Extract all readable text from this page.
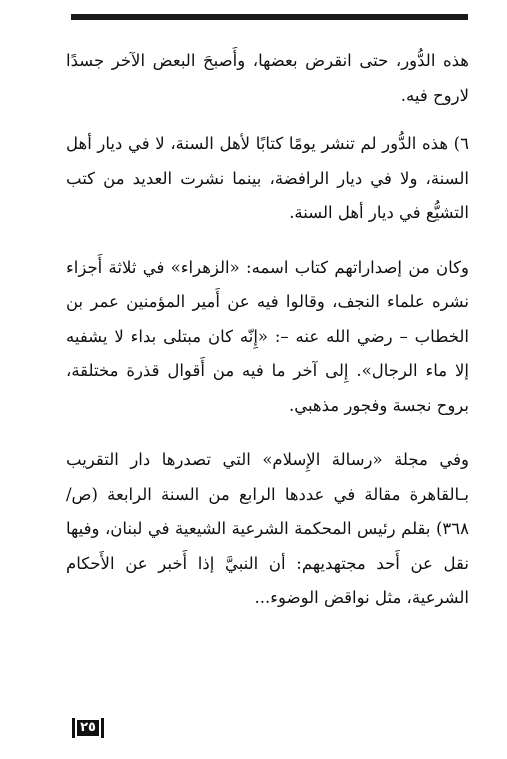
هذه الدُّور، حتى انقرض بعضها، وأَصبحَ البعض الآخر جسدًا لاروح فيه.

٦) هذه الدُّور لم تنشر يومًا كتابًا لأهل السنة، لا في ديار أهل السنة، ولا في ديار الرافضة، بينما نشرت العديد من كتب التشيُّع في ديار أهل السنة.

وكان من إصداراتهم كتاب اسمه: «الزهراء» في ثلاثة أَجزاء نشره علماء النجف، وقالوا فيه عن أَمير المؤمنين عمر بن الخطاب – رضي الله عنه –: «إِنّه كان مبتلى بداء لا يشفيه إلا ماء الرجال». إِلى آخر ما فيه من أَقوال قذرة مختلقة، بروح نجسة وفجور مذهبي.

وفي مجلة «رسالة الإِسلام» التي تصدرها دار التقريب بـالقاهرة مقالة في عددها الرابع من السنة الرابعة (ص/٣٦٨) بقلم رئيس المحكمة الشرعية الشيعية في لبنان، وفيها نقل عن أَحد مجتهديهم: أن النبيَّ إذا أَخبر عن الأَحكام الشرعية، مثل نواقض الوضوء...

٢٥
